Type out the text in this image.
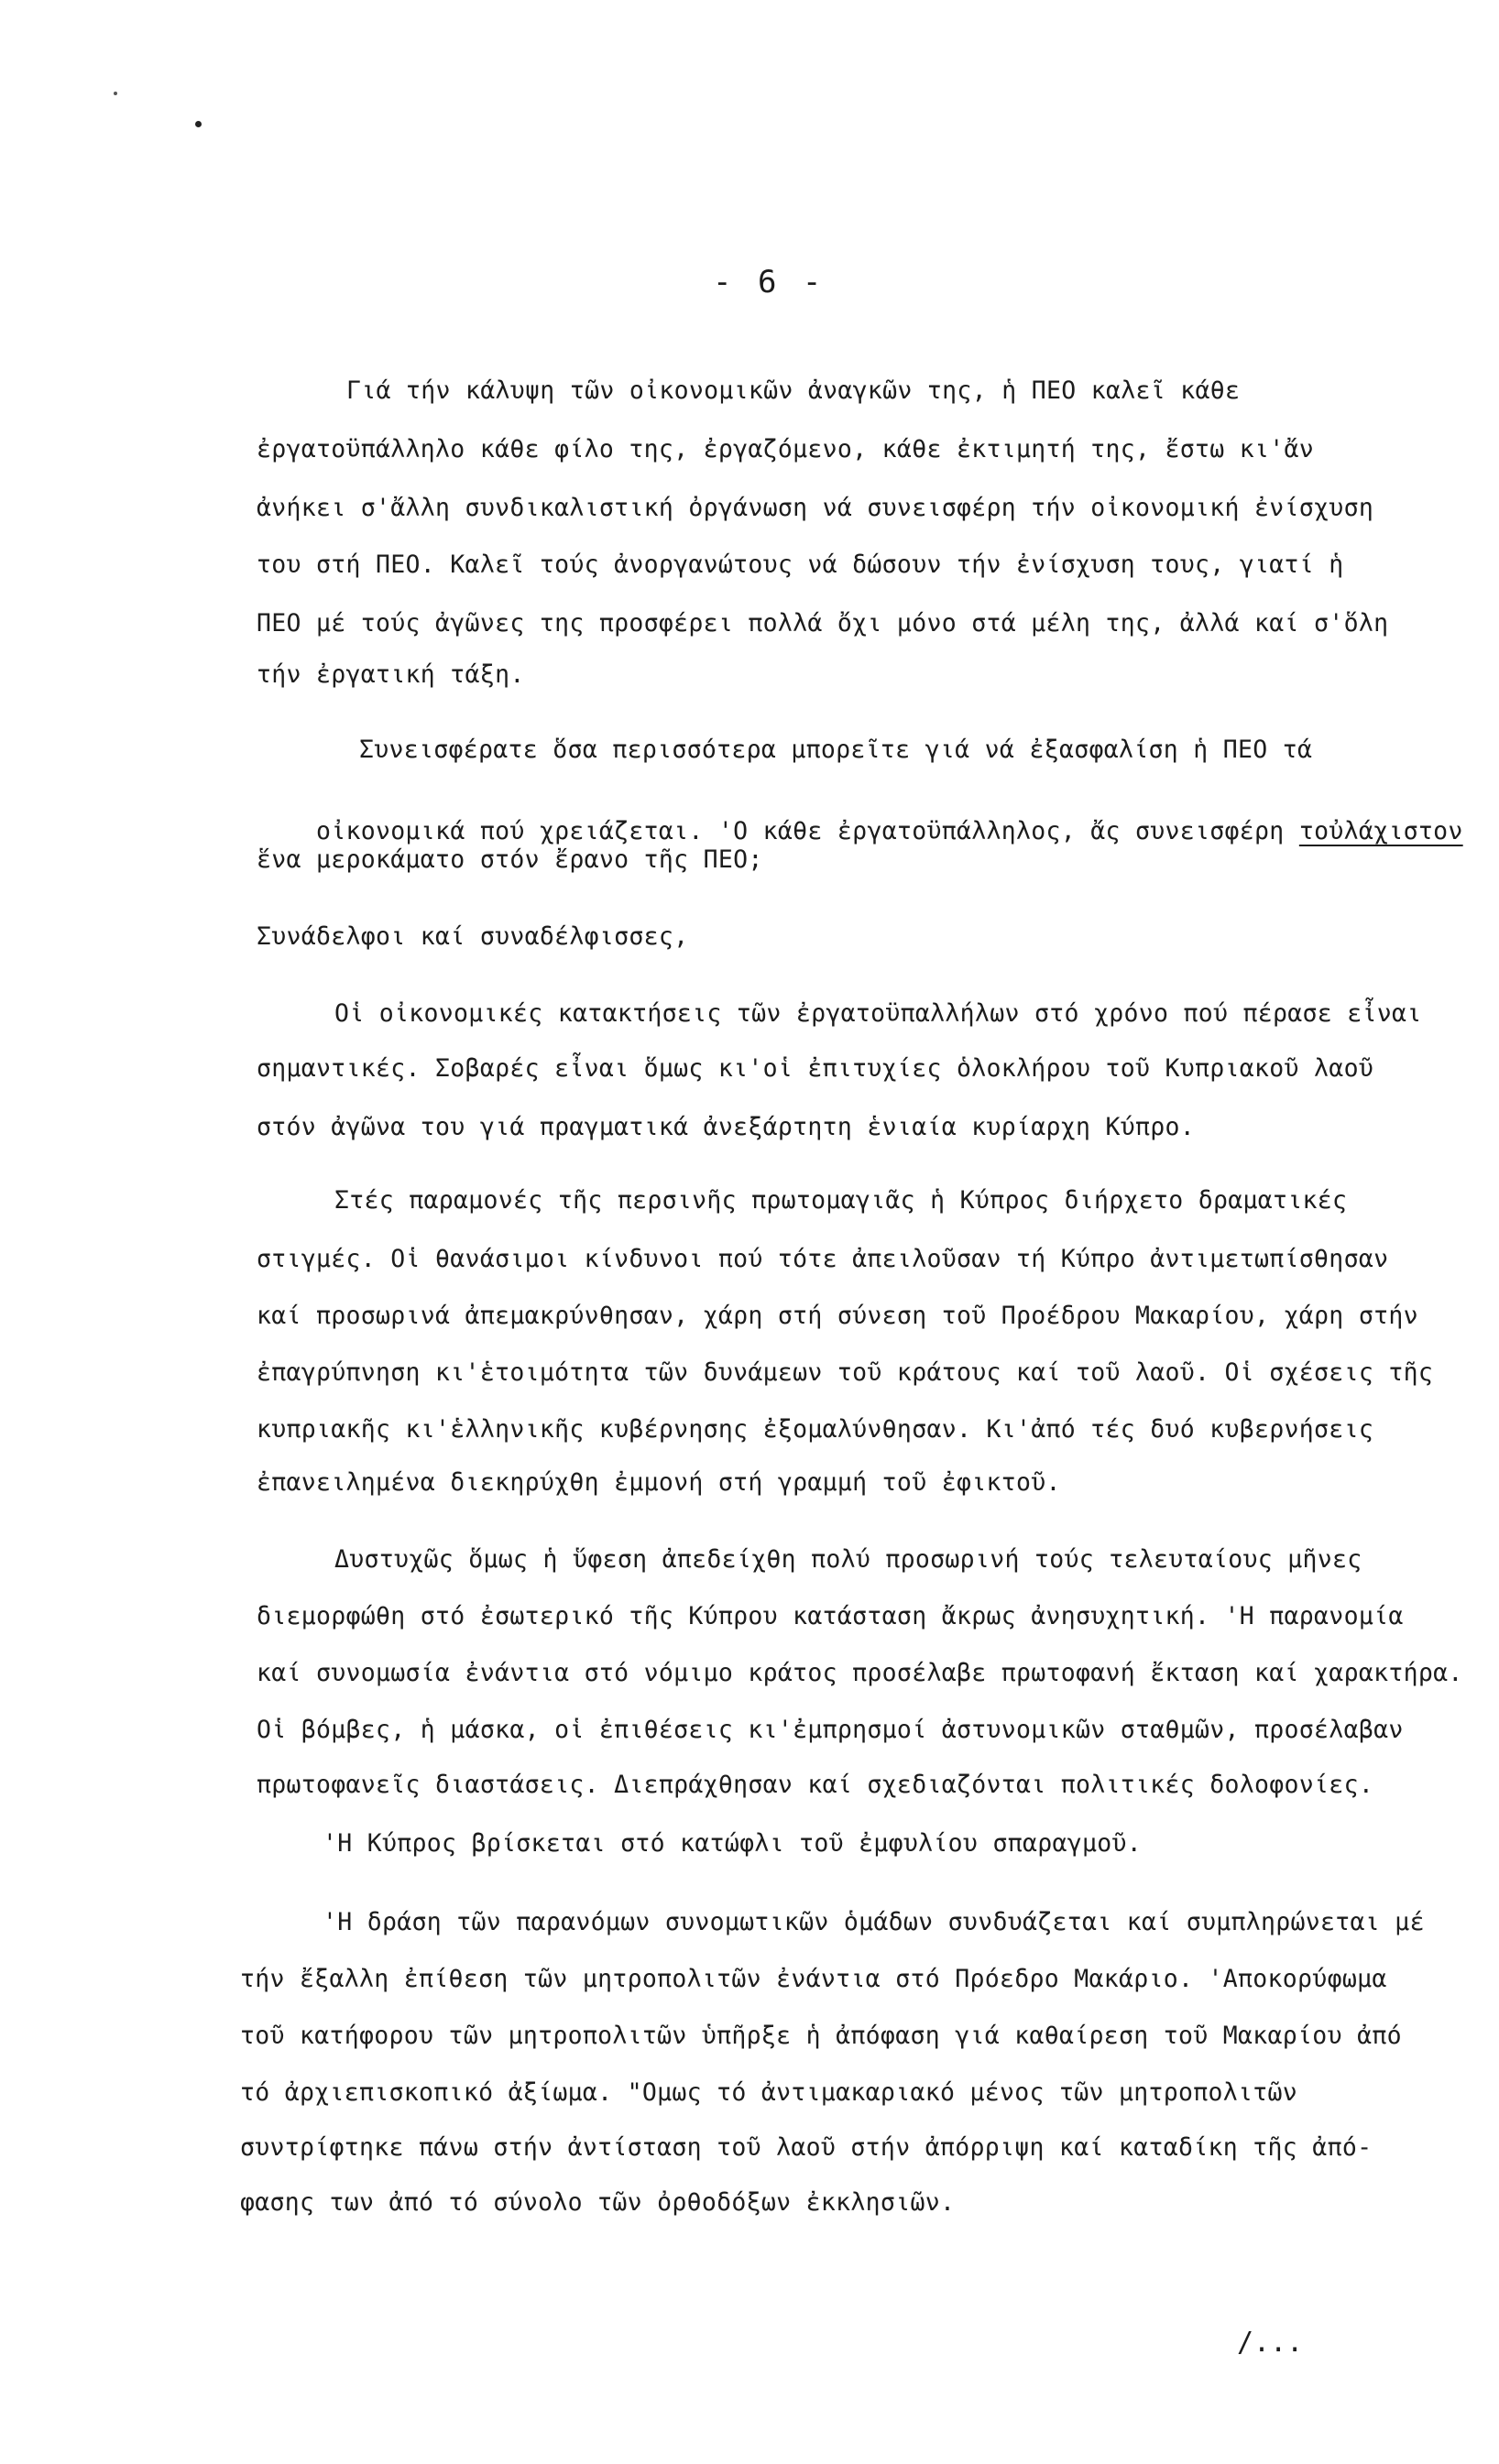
- 6 -
Γιά τήν κάλυψη τῶν οἰκονομικῶν ἀναγκῶν της, ἡ ΠΕΟ καλεῖ κάθε
ἐργατοϋπάλληλο κάθε φίλο της, ἐργαζόμενο, κάθε ἐκτιμητή της, ἔστω κι'ἄν
ἀνήκει σ'ἄλλη συνδικαλιστική ὀργάνωση νά συνεισφέρη τήν οἰκονομική ἐνίσχυση
του στή ΠΕΟ. Καλεῖ τούς ἀνοργανώτους νά δώσουν τήν ἐνίσχυση τους, γιατί ἡ
ΠΕΟ μέ τούς ἀγῶνες της προσφέρει πολλά ὄχι μόνο στά μέλη της, ἀλλά καί σ'ὅλη
τήν ἐργατική τάξη.
Συνεισφέρατε ὅσα περισσότερα μπορεῖτε γιά νά ἐξασφαλίση ἡ ΠΕΟ τά

οἰκονομικά πού χρειάζεται. 'Ο κάθε ἐργατοϋπάλληλος, ἄς συνεισφέρη τοὐλάχιστον

ἕνα μεροκάματο στόν ἔρανο τῆς ΠΕΟ;
Συνάδελφοι καί συναδέλφισσες,
Οἱ οἰκονομικές κατακτήσεις τῶν ἐργατοϋπαλλήλων στό χρόνο πού πέρασε εἶναι
σημαντικές. Σοβαρές εἶναι ὅμως κι'οἱ ἐπιτυχίες ὁλοκλήρου τοῦ Κυπριακοῦ λαοῦ
στόν ἀγῶνα του γιά πραγματικά ἀνεξάρτητη ἑνιαία κυρίαρχη Κύπρο.
Στές παραμονές τῆς περσινῆς πρωτομαγιᾶς ἡ Κύπρος διήρχετο δραματικές
στιγμές. Οἱ θανάσιμοι κίνδυνοι πού τότε ἀπειλοῦσαν τή Κύπρο ἀντιμετωπίσθησαν
καί προσωρινά ἀπεμακρύνθησαν, χάρη στή σύνεση τοῦ Προέδρου Μακαρίου, χάρη στήν
ἐπαγρύπνηση κι'ἑτοιμότητα τῶν δυνάμεων τοῦ κράτους καί τοῦ λαοῦ. Οἱ σχέσεις τῆς
κυπριακῆς κι'ἑλληνικῆς κυβέρνησης ἐξομαλύνθησαν. Κι'ἀπό τές δυό κυβερνήσεις
ἐπανειλημένα διεκηρύχθη ἐμμονή στή γραμμή τοῦ ἐφικτοῦ.
Δυστυχῶς ὅμως ἡ ὕφεση ἀπεδείχθη πολύ προσωρινή τούς τελευταίους μῆνες
διεμορφώθη στό ἐσωτερικό τῆς Κύπρου κατάσταση ἄκρως ἀνησυχητική. 'Η παρανομία
καί συνομωσία ἐνάντια στό νόμιμο κράτος προσέλαβε πρωτοφανή ἔκταση καί χαρακτήρα.
Οἱ βόμβες, ἡ μάσκα, οἱ ἐπιθέσεις κι'ἐμπρησμοί ἀστυνομικῶν σταθμῶν, προσέλαβαν
πρωτοφανεῖς διαστάσεις. Διεπράχθησαν καί σχεδιαζόνται πολιτικές δολοφονίες.
'Η Κύπρος βρίσκεται στό κατώφλι τοῦ ἐμφυλίου σπαραγμοῦ.
'Η δράση τῶν παρανόμων συνομωτικῶν ὁμάδων συνδυάζεται καί συμπληρώνεται μέ
τήν ἔξαλλη ἐπίθεση τῶν μητροπολιτῶν ἐνάντια στό Πρόεδρο Μακάριο. 'Αποκορύφωμα
τοῦ κατήφορου τῶν μητροπολιτῶν ὑπῆρξε ἡ ἀπόφαση γιά καθαίρεση τοῦ Μακαρίου ἀπό
τό ἀρχιεπισκοπικό ἀξίωμα. "Ομως τό ἀντιμακαριακό μένος τῶν μητροπολιτῶν
συντρίφτηκε πάνω στήν ἀντίσταση τοῦ λαοῦ στήν ἀπόρριψη καί καταδίκη τῆς ἀπό-
φασης των ἀπό τό σύνολο τῶν ὀρθοδόξων ἐκκλησιῶν.
/...
